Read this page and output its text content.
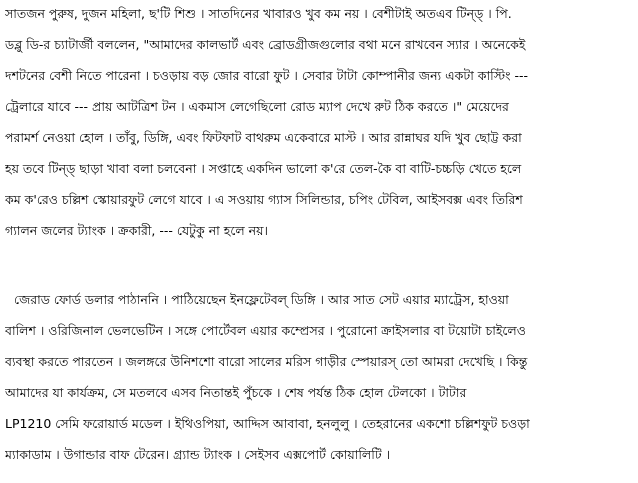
সাতজন পুরুষ, দুজন মহিলা, ছ'টি শিশু । সাতদিনের খাবারও খুব কম নয় । বেশীটাই অতএব টিন্ড্ । পি.
ডব্লু ডি-র চ্যাটার্জী বললেন, "আমাদের কালভার্ট এবং ব্রোডগ্রীজগুলোর বথা মনে রাখবেন স্যার । অনেকেই
দশটনের বেশী নিতে পারেনা । চওড়ায় বড় জোর বারো ফুট । সেবার টাটা কোম্পানীর জন্য একটা কাস্টিং ---
ট্রেলারে যাবে --- প্রায় আটত্রিশ টন । একমাস লেগেছিলো রোড ম্যাপ দেখে রুট ঠিক করতে ।" মেয়েদের
পরামর্শ নেওয়া হোল । তাঁবু, ডিঙ্গি, এবং ফিটফাট বাথরুম একেবারে মাস্ট । আর রান্নাঘর যদি খুব ছোট্ট করা
হয় তবে টিন্ড্ ছাড়া খাবা বলা চলবেনা । সপ্তাহে একদিন ভালো ক'রে তেল-কৈ বা বাটি-চচ্চড়ি খেতে হলে
কম ক'রেও চল্লিশ স্কোয়ারফুট লেগে যাবে । এ সওয়ায় গ্যাস সিলিন্ডার, চপিং টেবিল, আইসবক্স এবং তিরিশ
গ্যালন জলের ট্যাংক । ক্রকারী, --- যেটুকু না হলে নয়।
জেরাড ফোর্ড ডলার পাঠাননি । পাঠিয়েছেন ইনফ্লেটেবল্ ডিঙ্গি । আর সাত সেট এয়ার ম্যাট্রেস, হাওয়া
বালিশ । ওরিজিনাল ভেলভেটিন । সঙ্গে পোর্টেবল এয়ার কম্প্রেসর । পুরোনো ক্রাইসলার বা টয়োটা চাইলেও
ব্যবস্থা করতে পারতেন । জলঙ্গরে উনিশশো বারো সালের মরিস গাড়ীর স্পেয়ারস্ তো আমরা দেখেছি । কিন্তু
আমাদের যা কার্যক্রম, সে মতলবে এসব নিতান্তই পুঁচকে । শেষ পর্যন্ত ঠিক হোল টেলকো । টাটার
LP1210 সেমি ফরোয়ার্ড মডেল । ইথিওপিয়া, আদ্দিস আবাবা, হনলুলু । তেহরানের একশো চল্লিশফুট চওড়া
ম্যাকাডাম । উগান্ডার বাফ টেরেন। গ্র্যান্ড ট্যাংক । সেইসব এক্সপোর্ট কোয়ালিটি ।
